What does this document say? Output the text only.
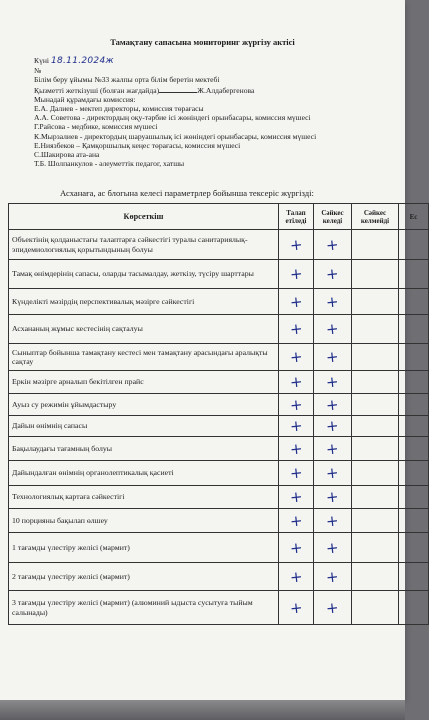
Тамақтану сапасына мониторинг жүргізу актісі
Күні 18.11.2024ж
№
Білім беру ұйымы №33 жалпы орта білім беретін мектебі
Қызметті жеткізуші (болған жағдайда)	Ж.Алдабергенова
Мынадай құрамдағы комиссия:
Е.А. Далиев - мектеп директоры, комиссия төрағасы
А.А. Советова - директордың оқу-тәрбие ісі жөніндегі орынбасары, комиссия мүшесі
Г.Райсова - медбике, комиссия мүшесі
К.Мырзалиев - директордың шаруашылық ісі жөніндегі орынбасары, комиссия мүшесі
Е.Ниязбеков – Қамқоршылық кеңес төрағасы, комиссия мүшесі
С.Шакирова ата-ана
Т.Б. Шолпанкулов - әлеуметтік педагог, хатшы
Асханаға, ас блогына келесі параметрлер бойынша тексеріс жүргізді:
Көрсеткіш	Талап етіледі	Сәйкес келеді	Сәйкес келмейді	Ес
Объектінің қолданыстағы талаптарға сәйкестігі туралы санитариялық-эпидемиологиялық қорытындының болуы	+	+		
Тамақ өнімдерінің сапасы, оларды тасымалдау, жеткізу, түсіру шарттары	+	+		
Күнделікті мәзірдің перспективалық мәзірге сәйкестігі	+	+		
Асхананың жұмыс кестесінің сақталуы	+	+		
Сыныптар бойынша тамақтану кестесі мен тамақтану арасындағы аралықты сақтау	+	+		
Еркін мәзірге арналып бекітілген прайс	+	+		
Ауыз су режимін ұйымдастыру	+	+		
Дайын өнімнің сапасы	+	+		
Бақылаудағы тағамның болуы	+	+		
Дайындалған өнімнің органолептикалық қасиеті	+	+		
Технологиялық картаға сәйкестігі	+	+		
10 порцияны бақылап өлшеу	+	+		
1 тағамды үлестіру желісі (мармит)	+	+		
2 тағамды үлестіру желісі (мармит)	+	+		
3 тағамды үлестіру желісі (мармит) (алюминий ыдыста сусытуға тыйым салынады)	+	+		
